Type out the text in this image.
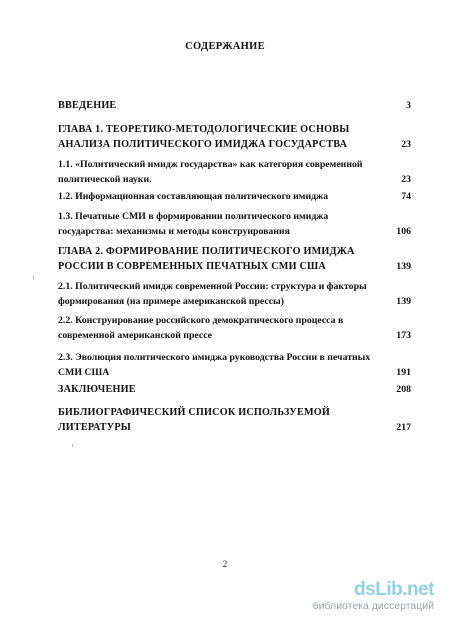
СОДЕРЖАНИЕ
ВВЕДЕНИЕ	3
ГЛАВА 1. ТЕОРЕТИКО-МЕТОДОЛОГИЧЕСКИЕ ОСНОВЫ АНАЛИЗА ПОЛИТИЧЕСКОГО ИМИДЖА ГОСУДАРСТВА	23
1.1. «Политический имидж государства» как категория современной политической науки.	23
1.2. Информационная составляющая политического имиджа	74
1.3. Печатные СМИ в формировании политического имиджа государства: механизмы и методы конструирования	106
ГЛАВА 2. ФОРМИРОВАНИЕ ПОЛИТИЧЕСКОГО ИМИДЖА РОССИИ В СОВРЕМЕННЫХ ПЕЧАТНЫХ СМИ США	139
2.1. Политический имидж современной России: структура и факторы формирования (на примере американской прессы)	139
2.2. Конструирование российского демократического процесса в современной американской прессе	173
2.3. Эволюция политического имиджа руководства России в печатных СМИ США	191
ЗАКЛЮЧЕНИЕ	208
БИБЛИОГРАФИЧЕСКИЙ СПИСОК ИСПОЛЬЗУЕМОЙ ЛИТЕРАТУРЫ	217
2
dsLib.net
библиотека диссертаций
